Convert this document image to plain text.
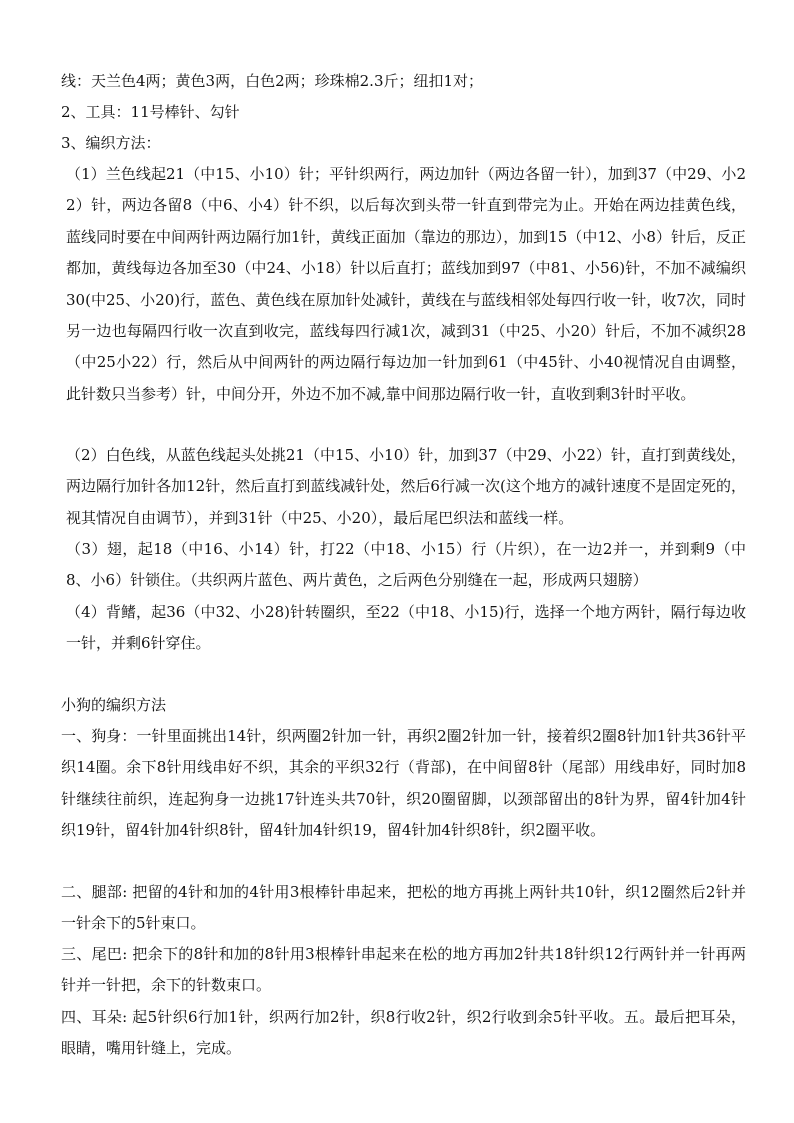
线：天兰色4两；黄色3两，白色2两；珍珠棉2.3斤；纽扣1对；

2、工具：11号棒针、勾针

3、编织方法：

（1）兰色线起21（中15、小10）针；平针织两行，两边加针（两边各留一针），加到37（中29、小22）针，两边各留8（中6、小4）针不织，以后每次到头带一针直到带完为止。开始在两边挂黄色线，蓝线同时要在中间两针两边隔行加1针，黄线正面加（靠边的那边），加到15（中12、小8）针后，反正都加，黄线每边各加至30（中24、小18）针以后直打；蓝线加到97（中81、小56)针，不加不减编织30(中25、小20)行，蓝色、黄色线在原加针处减针，黄线在与蓝线相邻处每四行收一针，收7次，同时另一边也每隔四行收一次直到收完，蓝线每四行减1次，减到31（中25、小20）针后，不加不减织28（中25小22）行，然后从中间两针的两边隔行每边加一针加到61（中45针、小40视情况自由调整，此针数只当参考）针，中间分开，外边不加不减,靠中间那边隔行收一针，直收到剩3针时平收。

（2）白色线，从蓝色线起头处挑21（中15、小10）针，加到37（中29、小22）针，直打到黄线处，两边隔行加针各加12针，然后直打到蓝线减针处，然后6行减一次(这个地方的减针速度不是固定死的，视其情况自由调节），并到31针（中25、小20），最后尾巴织法和蓝线一样。

（3）翅，起18（中16、小14）针，打22（中18、小15）行（片织），在一边2并一，并到剩9（中8、小6）针锁住。（共织两片蓝色、两片黄色，之后两色分别缝在一起，形成两只翅膀）

（4）背鳍，起36（中32、小28)针转圈织，至22（中18、小15)行，选择一个地方两针，隔行每边收一针，并剩6针穿住。

小狗的编织方法

一、狗身：一针里面挑出14针，织两圈2针加一针，再织2圈2针加一针，接着织2圈8针加1针共36针平织14圈。余下8针用线串好不织，其余的平织32行（背部)，在中间留8针（尾部）用线串好，同时加8针继续往前织，连起狗身一边挑17针连头共70针，织20圈留脚，以颈部留出的8针为界，留4针加4针织19针，留4针加4针织8针，留4针加4针织19，留4针加4针织8针，织2圈平收。

二、腿部: 把留的4针和加的4针用3根棒针串起来，把松的地方再挑上两针共10针，织12圈然后2针并一针余下的5针束口。

三、尾巴: 把余下的8针和加的8针用3根棒针串起来在松的地方再加2针共18针织12行两针并一针再两针并一针把，余下的针数束口。

四、耳朵: 起5针织6行加1针，织两行加2针，织8行收2针，织2行收到余5针平收。五。最后把耳朵，眼睛，嘴用针缝上，完成。
